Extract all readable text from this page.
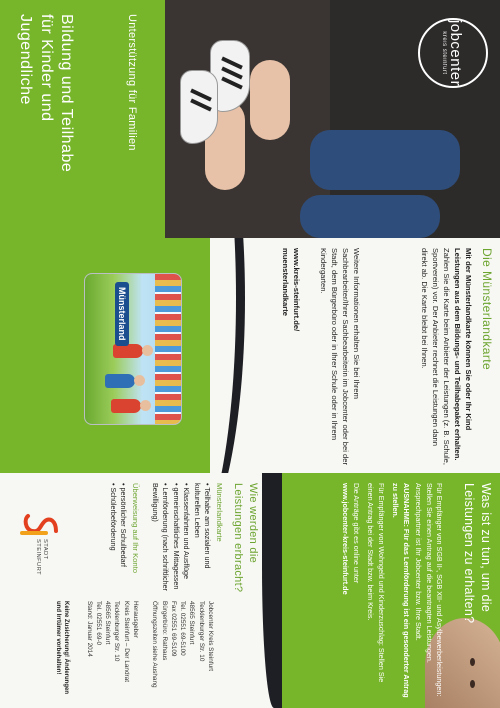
jobcenter
kreis steinfurt
Unterstützung für Familien
Bildung und Teilhabe
für Kinder und
Jugendliche
Die Münsterlandkarte
Mit der Münsterlandkarte können Sie oder Ihr Kind Leistungen aus dem Bildungs- und Teilhabepaket erhalten. Zahlen Sie die Karte beim Anbieter der Leistungen (z. B. Schule, Sportverein) vor. Der Anbieter rechnet die Leistungen dann direkt ab. Die Karte bleibt bei Ihnen.
Weitere Informationen erhalten Sie bei Ihrem Sachbearbeiter/Ihrer Sachbearbeiterin im Jobcenter oder bei der Stadt, dem Bürgerbüro oder in Ihrer Schule oder in Ihrem Kindergarten.
www.kreis-steinfurt.de/
muensterlandkarte
Münsterland
Was ist zu tun, um die
Leistungen zu erhalten?
Für Empfänger von SGB II-, SGB XII- und Asylbewerberleistungen: Stellen Sie einen Antrag auf die beantragten Leistungen. Ansprechpartner ist Ihr Jobcenter bzw. Ihre Stadt.
AUSNAHME: Für das Lernförderung ist ein gesonderter Antrag zu stellen.
Für Empfänger von Wohngeld und Kinderzuschlag: Stellen Sie einen Antrag bei der Stadt bzw. beim Kreis.
Die Anträge gibt es online unter
www.jobcenter-kreis-steinfurt.de
Wie werden die
Leistungen erbracht?
Münsterlandkarte
• Teilhabe am sozialen und kulturellen Leben
• Klassenfahrten und Ausflüge
• gemeinschaftliches Mittagessen
• Lernförderung (nach schriftlicher Bewilligung)
Überweisung auf Ihr Konto
• persönlicher Schulbedarf
• Schülerbeförderung
Jobcenter Kreis Steinfurt
Tecklenburger Str. 10
48565 Steinfurt
Tel. 02551 69-5100
Fax 02551 69-5109
Bürgerbüro: Rathaus
Öffnungszeiten siehe Aushang
Herausgeber
Kreis Steinfurt – Der Landrat
Tecklenburger Str. 10
48565 Steinfurt
Tel. 02551 69-0
Stand: Januar 2014
Keine Zusicherung! Änderungen und Irrtümer vorbehalten!
STADT
STEINFURT
